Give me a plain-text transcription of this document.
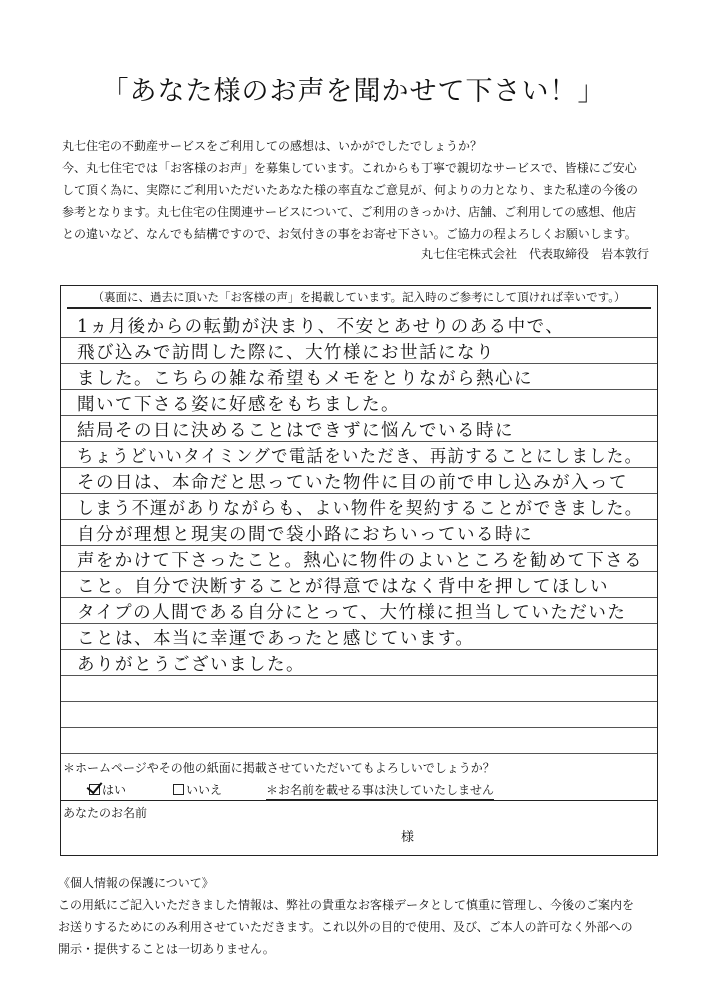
「あなた様のお声を聞かせて下さい！」
丸七住宅の不動産サービスをご利用しての感想は、いかがでしたでしょうか？
今、丸七住宅では「お客様のお声」を募集しています。これからも丁寧で親切なサービスで、皆様にご安心
して頂く為に、実際にご利用いただいたあなた様の率直なご意見が、何よりの力となり、また私達の今後の
参考となります。丸七住宅の住関連サービスについて、ご利用のきっかけ、店舗、ご利用しての感想、他店
との違いなど、なんでも結構ですので、お気付きの事をお寄せ下さい。ご協力の程よろしくお願いします。
丸七住宅株式会社　代表取締役　岩本敦行
（裏面に、過去に頂いた「お客様の声」を掲載しています。記入時のご参考にして頂ければ幸いです。）
1ヵ月後からの転勤が決まり、不安とあせりのある中で、
飛び込みで訪問した際に、大竹様にお世話になり
ました。こちらの雑な希望もメモをとりながら熱心に
聞いて下さる姿に好感をもちました。
結局その日に決めることはできずに悩んでいる時に
ちょうどいいタイミングで電話をいただき、再訪することにしました。
その日は、本命だと思っていた物件に目の前で申し込みが入って
しまう不運がありながらも、よい物件を契約することができました。
自分が理想と現実の間で袋小路におちいっている時に
声をかけて下さったこと。熱心に物件のよいところを勧めて下さる
こと。自分で決断することが得意ではなく背中を押してほしい
タイプの人間である自分にとって、大竹様に担当していただいた
ことは、本当に幸運であったと感じています。
ありがとうございました。
＊ホームページやその他の紙面に掲載させていただいてもよろしいでしょうか？
はい	いいえ	＊お名前を載せる事は決していたしません
あなたのお名前
様
《個人情報の保護について》
この用紙にご記入いただきました情報は、弊社の貴重なお客様データとして慎重に管理し、今後のご案内を
お送りするためにのみ利用させていただきます。これ以外の目的で使用、及び、ご本人の許可なく外部への
開示・提供することは一切ありません。
